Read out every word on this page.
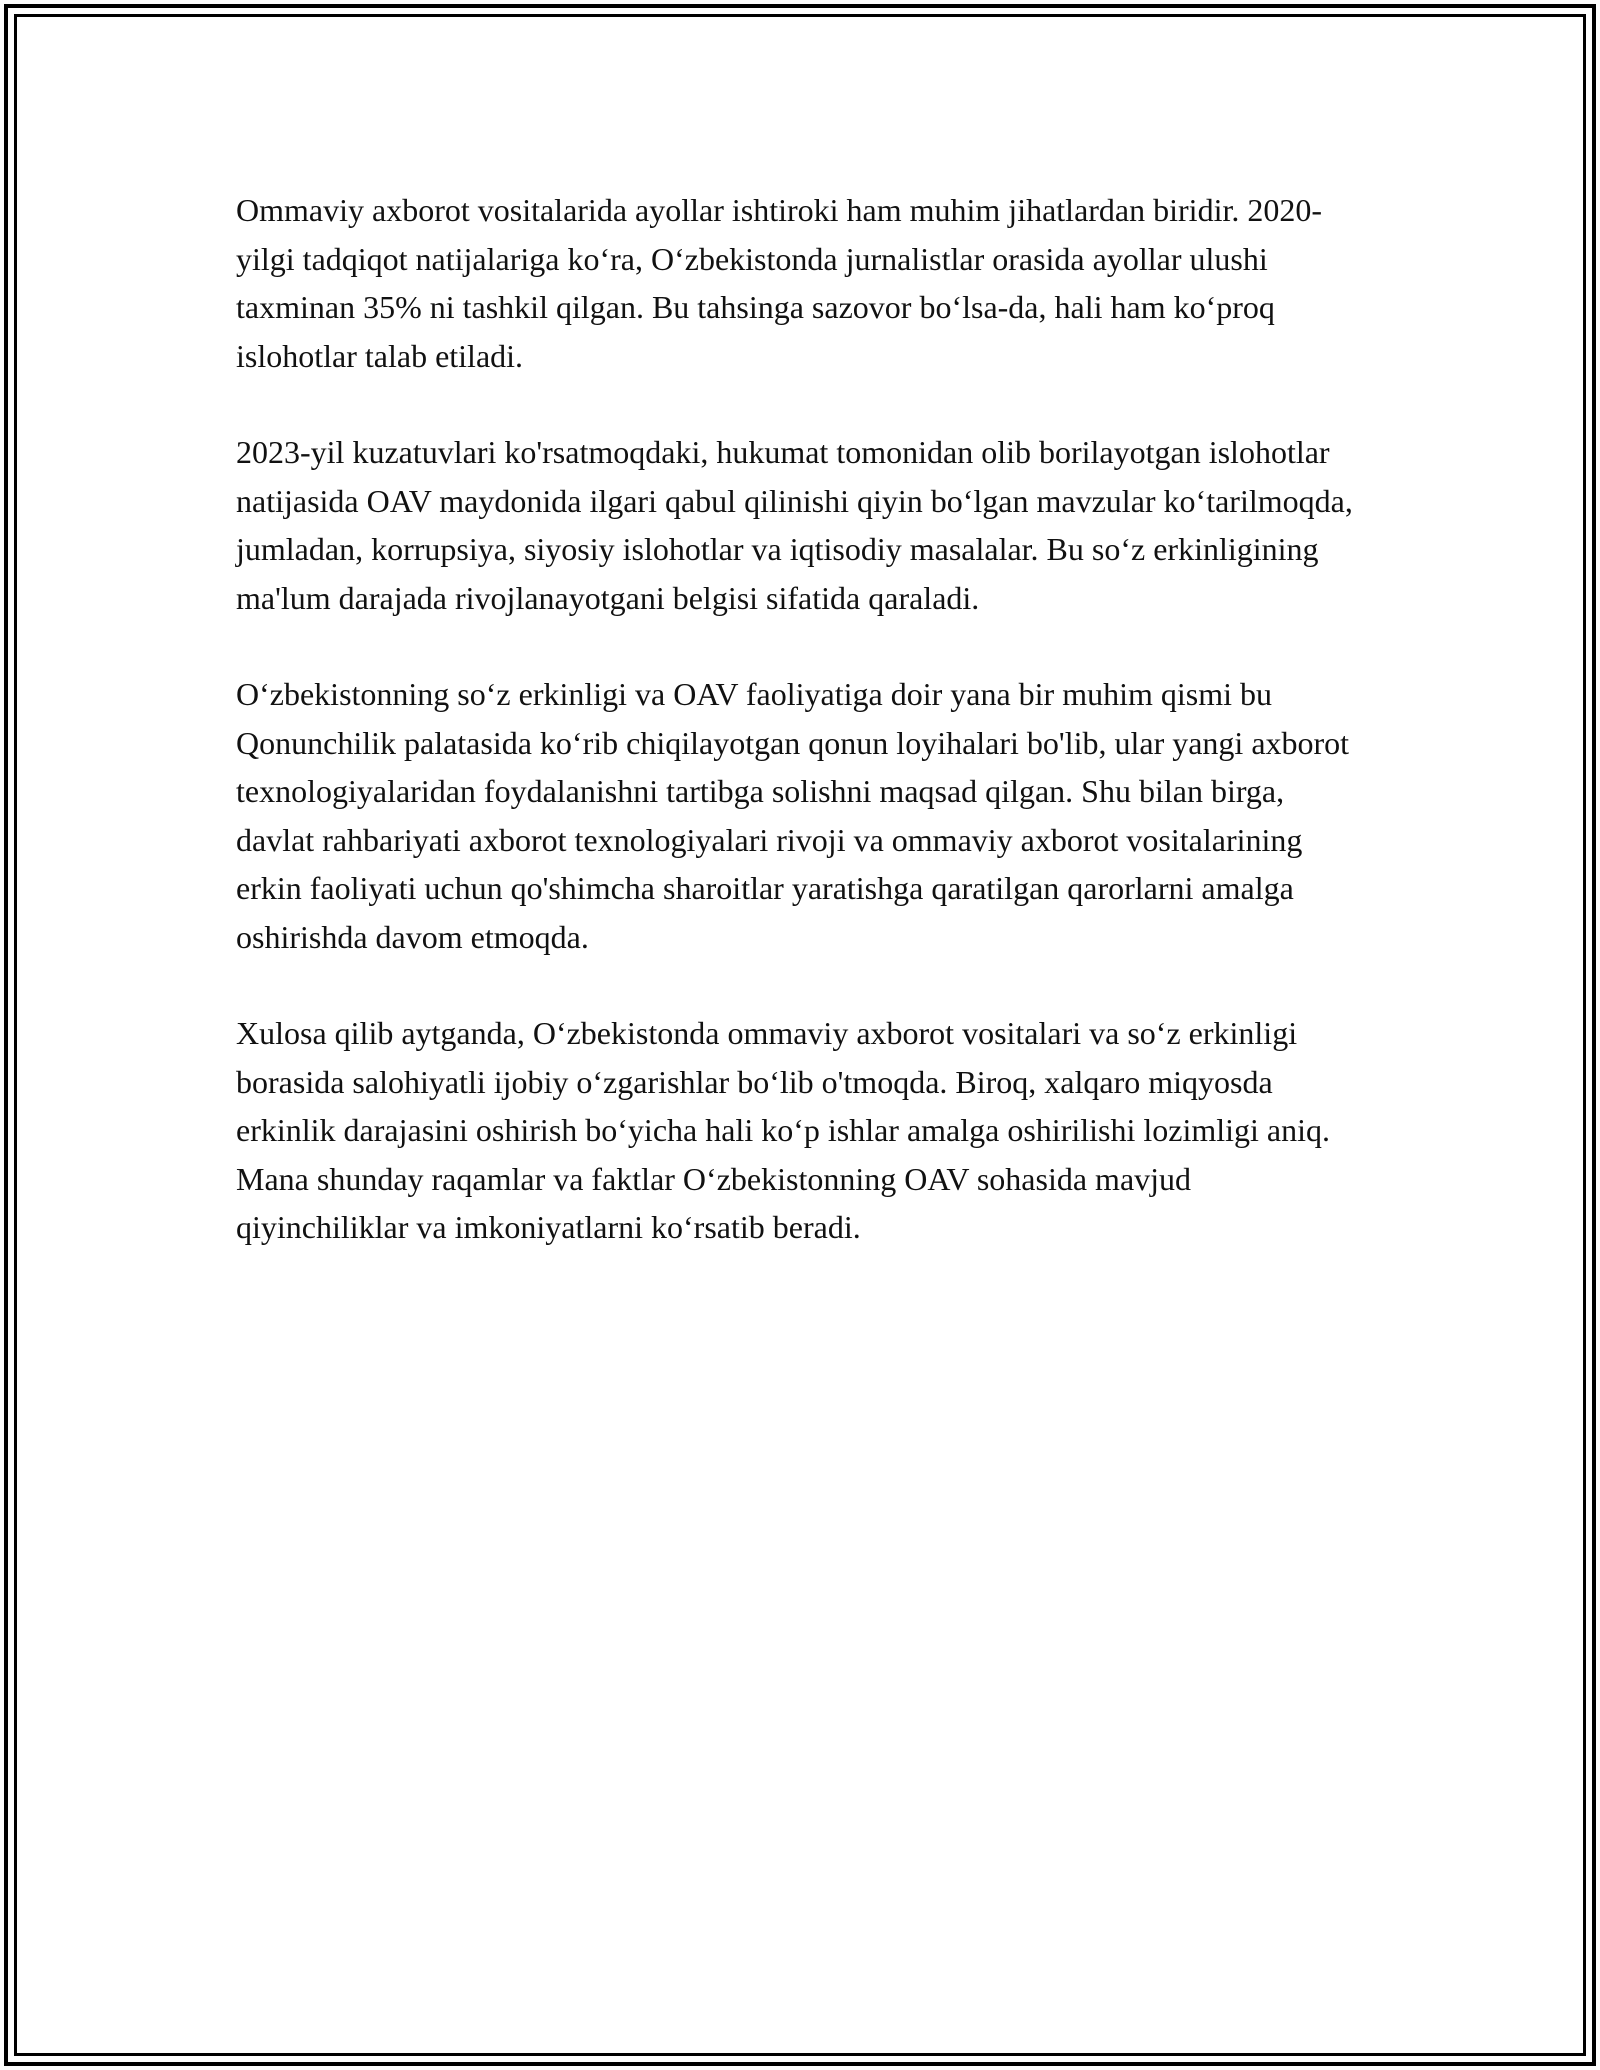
Ommaviy axborot vositalarida ayollar ishtiroki ham muhim jihatlardan biridir. 2020-yilgi tadqiqot natijalariga koʻra, Oʻzbekistonda jurnalistlar orasida ayollar ulushi taxminan 35% ni tashkil qilgan. Bu tahsinga sazovor boʻlsa-da, hali ham koʻproq islohotlar talab etiladi.

2023-yil kuzatuvlari ko'rsatmoqdaki, hukumat tomonidan olib borilayotgan islohotlar natijasida OAV maydonida ilgari qabul qilinishi qiyin boʻlgan mavzular koʻtarilmoqda, jumladan, korrupsiya, siyosiy islohotlar va iqtisodiy masalalar. Bu soʻz erkinligining ma'lum darajada rivojlanayotgani belgisi sifatida qaraladi.

Oʻzbekistonning soʻz erkinligi va OAV faoliyatiga doir yana bir muhim qismi bu Qonunchilik palatasida koʻrib chiqilayotgan qonun loyihalari bo'lib, ular yangi axborot texnologiyalaridan foydalanishni tartibga solishni maqsad qilgan. Shu bilan birga, davlat rahbariyati axborot texnologiyalari rivoji va ommaviy axborot vositalarining erkin faoliyati uchun qo'shimcha sharoitlar yaratishga qaratilgan qarorlarni amalga oshirishda davom etmoqda.

Xulosa qilib aytganda, Oʻzbekistonda ommaviy axborot vositalari va soʻz erkinligi borasida salohiyatli ijobiy oʻzgarishlar boʻlib o'tmoqda. Biroq, xalqaro miqyosda erkinlik darajasini oshirish boʻyicha hali koʻp ishlar amalga oshirilishi lozimligi aniq. Mana shunday raqamlar va faktlar Oʻzbekistonning OAV sohasida mavjud qiyinchiliklar va imkoniyatlarni koʻrsatib beradi.
